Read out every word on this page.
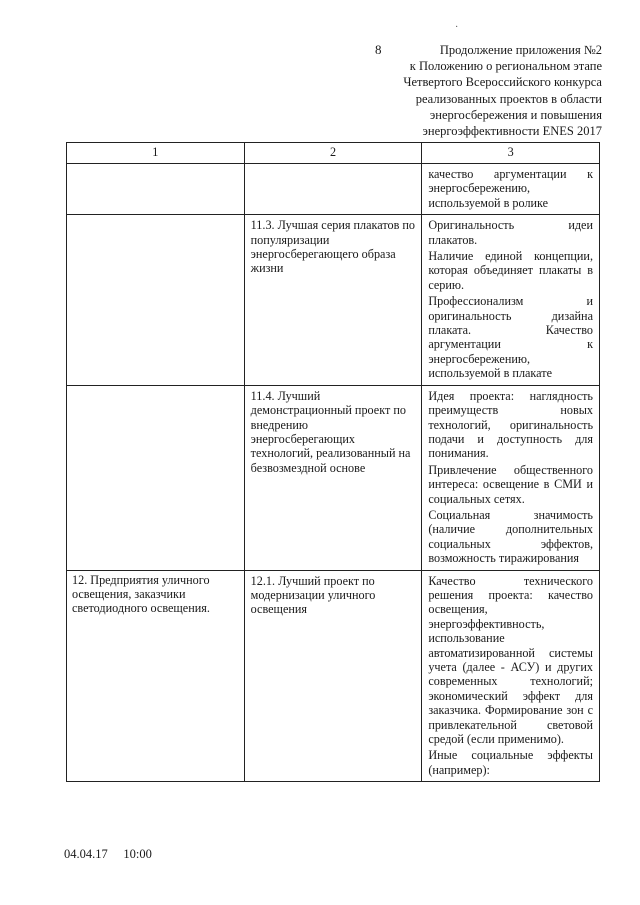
·
8	Продолжение приложения №2
к Положению о региональном этапе
Четвертого Всероссийского конкурса
реализованных проектов в области
энергосбережения и повышения
энергоэффективности ENES 2017
1	2	3

		качество аргументации к энергосбережению, используемой в ролике

	11.3. Лучшая серия плакатов по популяризации энергосберегающего образа жизни	Оригинальность идеи плакатов.
Наличие единой концепции, которая объединяет плакаты в серию.
Профессионализм и оригинальность дизайна плаката. Качество аргументации к энергосбережению, используемой в плакате

	11.4. Лучший демонстрационный проект по внедрению энергосберегающих технологий, реализованный на безвозмездной основе	Идея проекта: наглядность преимуществ новых технологий, оригинальность подачи и доступность для понимания.
Привлечение общественного интереса: освещение в СМИ и социальных сетях.
Социальная значимость (наличие дополнительных социальных эффектов, возможность тиражирования

12. Предприятия уличного освещения, заказчики светодиодного освещения.	12.1. Лучший проект по модернизации уличного освещения	Качество технического решения проекта: качество освещения, энергоэффективность, использование автоматизированной системы учета (далее - АСУ) и других современных технологий; экономический эффект для заказчика. Формирование зон с привлекательной световой средой (если применимо).
Иные социальные эффекты (например):
04.04.17 10:00
